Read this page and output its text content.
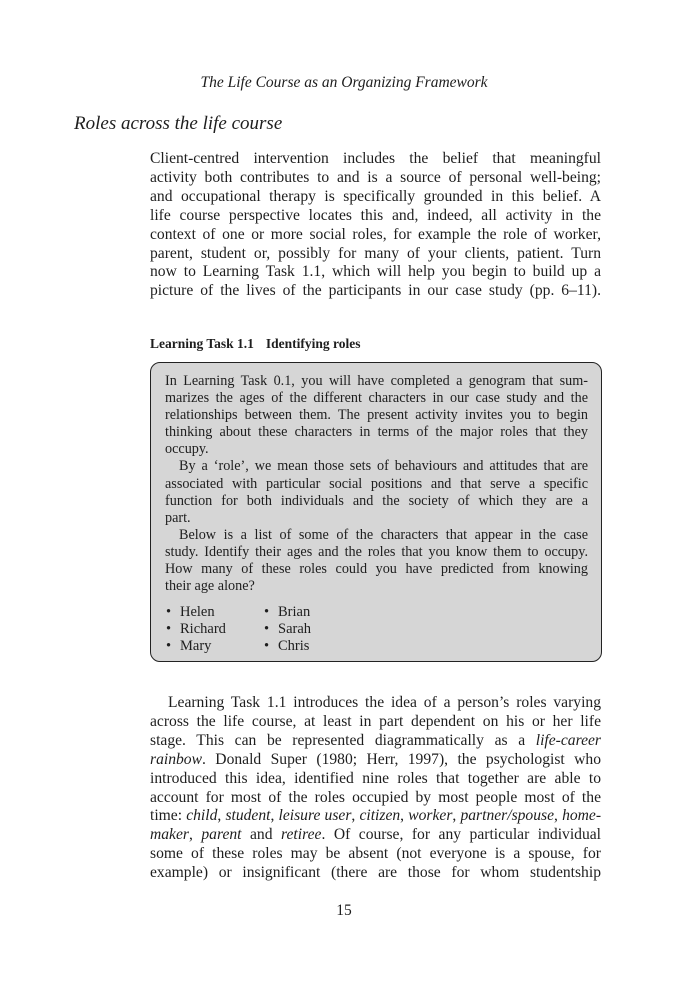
The Life Course as an Organizing Framework
Roles across the life course
Client-centred intervention includes the belief that meaningful
activity both contributes to and is a source of personal well-being;
and occupational therapy is specifically grounded in this belief. A
life course perspective locates this and, indeed, all activity in the
context of one or more social roles, for example the role of worker,
parent, student or, possibly for many of your clients, patient. Turn
now to Learning Task 1.1, which will help you begin to build up a
picture of the lives of the participants in our case study (pp. 6–11).
Learning Task 1.1 Identifying roles
In Learning Task 0.1, you will have completed a genogram that sum-
marizes the ages of the different characters in our case study and the
relationships between them. The present activity invites you to begin
thinking about these characters in terms of the major roles that they
occupy.
By a ‘role’, we mean those sets of behaviours and attitudes that are
associated with particular social positions and that serve a specific
function for both individuals and the society of which they are a
part.
Below is a list of some of the characters that appear in the case
study. Identify their ages and the roles that you know them to occupy.
How many of these roles could you have predicted from knowing
their age alone?
• Helen
• Richard
• Mary
• Brian
• Sarah
• Chris
Learning Task 1.1 introduces the idea of a person’s roles varying
across the life course, at least in part dependent on his or her life
stage. This can be represented diagrammatically as a life-career
rainbow. Donald Super (1980; Herr, 1997), the psychologist who
introduced this idea, identified nine roles that together are able to
account for most of the roles occupied by most people most of the
time: child, student, leisure user, citizen, worker, partner/spouse, home-
maker, parent and retiree. Of course, for any particular individual
some of these roles may be absent (not everyone is a spouse, for
example) or insignificant (there are those for whom studentship
15
